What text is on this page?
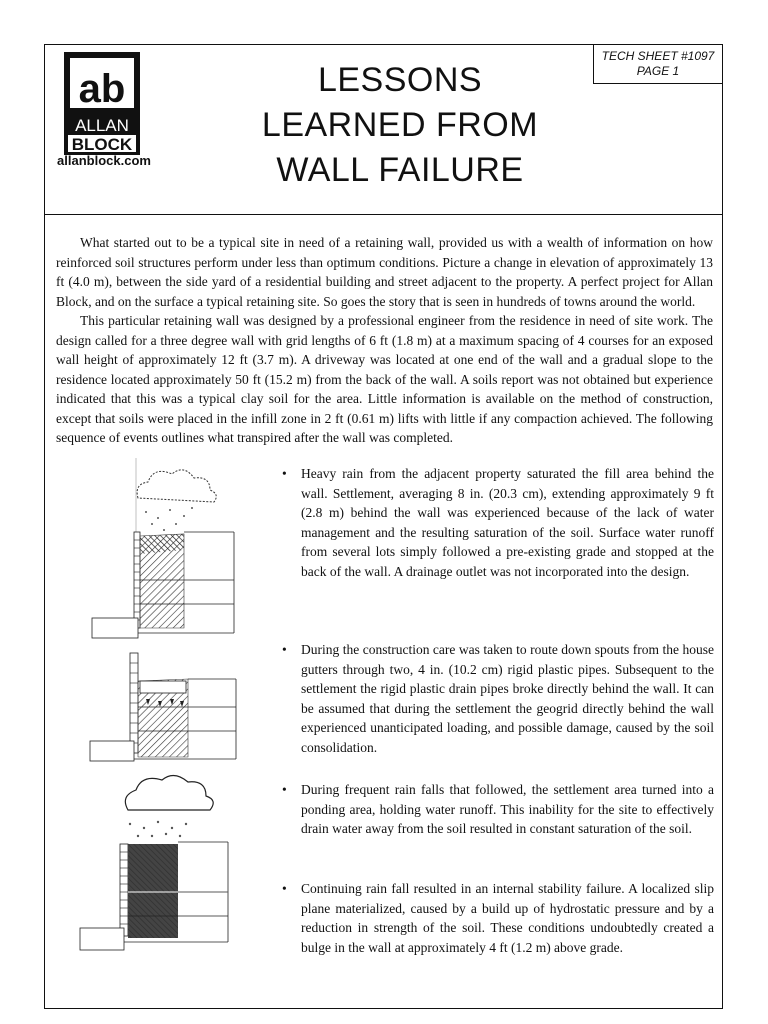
ab
ALLAN
BLOCK
allanblock.com
LESSONS
LEARNED FROM
WALL FAILURE
TECH SHEET #1097
PAGE 1

What started out to be a typical site in need of a retaining wall, provided us with a wealth of information on how reinforced soil structures perform under less than optimum conditions. Picture a change in elevation of approximately 13 ft (4.0 m), between the side yard of a residential building and street adjacent to the property. A perfect project for Allan Block, and on the surface a typical retaining site. So goes the story that is seen in hundreds of towns around the world.

This particular retaining wall was designed by a professional engineer from the residence in need of site work. The design called for a three degree wall with grid lengths of 6 ft (1.8 m) at a maximum spacing of 4 courses for an exposed wall height of approximately 12 ft (3.7 m). A driveway was located at one end of the wall and a gradual slope to the residence located approximately 50 ft (15.2 m) from the back of the wall. A soils report was not obtained but experience indicated that this was a typical clay soil for the area. Little information is available on the method of construction, except that soils were placed in the infill zone in 2 ft (0.61 m) lifts with little if any compaction achieved. The following sequence of events outlines what transpired after the wall was completed.

• Heavy rain from the adjacent property saturated the fill area behind the wall. Settlement, averaging 8 in. (20.3 cm), extending approximately 9 ft (2.8 m) behind the wall was experienced because of the lack of water management and the resulting saturation of the soil. Surface water runoff from several lots simply followed a pre-existing grade and stopped at the back of the wall. A drainage outlet was not incorporated into the design.
• During the construction care was taken to route down spouts from the house gutters through two, 4 in. (10.2 cm) rigid plastic pipes. Subsequent to the settlement the rigid plastic drain pipes broke directly behind the wall. It can be assumed that during the settlement the geogrid directly behind the wall experienced unanticipated loading, and possible damage, caused by the soil consolidation.
• During frequent rain falls that followed, the settlement area turned into a ponding area, holding water runoff. This inability for the site to effectively drain water away from the soil resulted in constant saturation of the soil.
• Continuing rain fall resulted in an internal stability failure. A localized slip plane materialized, caused by a build up of hydrostatic pressure and by a reduction in strength of the soil. These conditions undoubtedly created a bulge in the wall at approximately 4 ft (1.2 m) above grade.
